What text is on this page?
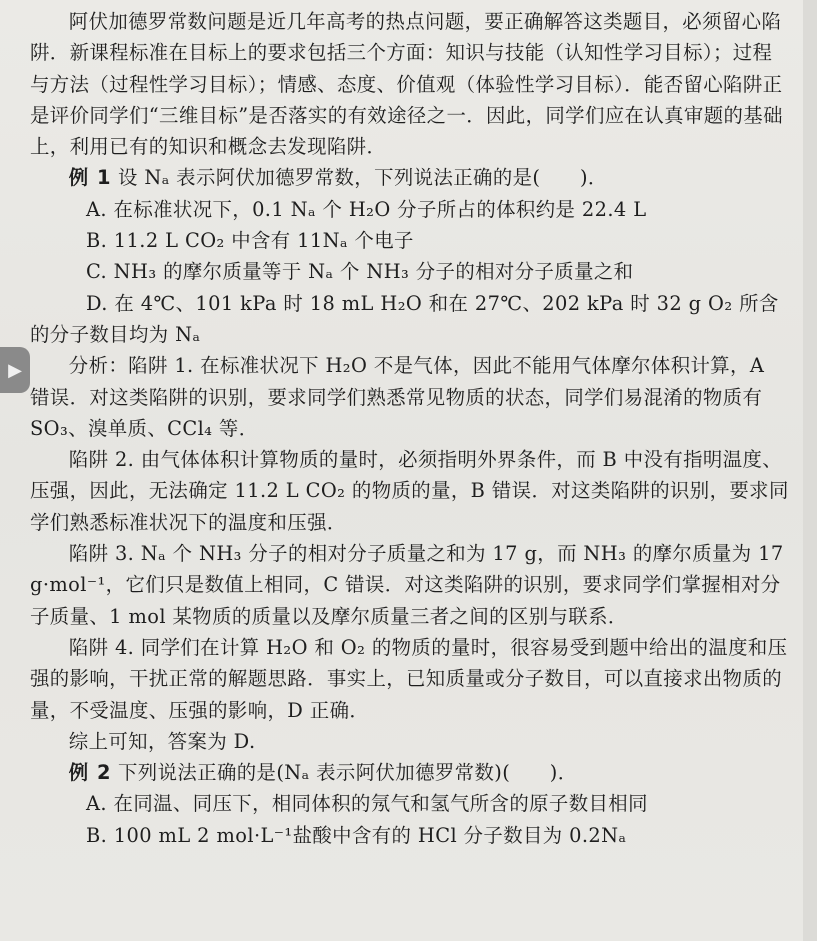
▶

阿伏加德罗常数问题是近几年高考的热点问题，要正确解答这类题目，必须留心陷阱．新课程标准在目标上的要求包括三个方面：知识与技能（认知性学习目标）；过程与方法（过程性学习目标）；情感、态度、价值观（体验性学习目标）．能否留心陷阱正是评价同学们“三维目标”是否落实的有效途径之一．因此，同学们应在认真审题的基础上，利用已有的知识和概念去发现陷阱．

例 1 设 Nₐ 表示阿伏加德罗常数，下列说法正确的是(　　)．

A. 在标准状况下，0.1 Nₐ 个 H₂O 分子所占的体积约是 22.4 L

B. 11.2 L CO₂ 中含有 11Nₐ 个电子

C. NH₃ 的摩尔质量等于 Nₐ 个 NH₃ 分子的相对分子质量之和

D. 在 4℃、101 kPa 时 18 mL H₂O 和在 27℃、202 kPa 时 32 g O₂ 所含

的分子数目均为 Nₐ

分析：陷阱 1. 在标准状况下 H₂O 不是气体，因此不能用气体摩尔体积计算，A 错误．对这类陷阱的识别，要求同学们熟悉常见物质的状态，同学们易混淆的物质有 SO₃、溴单质、CCl₄ 等．

陷阱 2. 由气体体积计算物质的量时，必须指明外界条件，而 B 中没有指明温度、压强，因此，无法确定 11.2 L CO₂ 的物质的量，B 错误．对这类陷阱的识别，要求同学们熟悉标准状况下的温度和压强．

陷阱 3. Nₐ 个 NH₃ 分子的相对分子质量之和为 17 g，而 NH₃ 的摩尔质量为 17 g·mol⁻¹，它们只是数值上相同，C 错误．对这类陷阱的识别，要求同学们掌握相对分子质量、1 mol 某物质的质量以及摩尔质量三者之间的区别与联系．

陷阱 4. 同学们在计算 H₂O 和 O₂ 的物质的量时，很容易受到题中给出的温度和压强的影响，干扰正常的解题思路．事实上，已知质量或分子数目，可以直接求出物质的量，不受温度、压强的影响，D 正确．

综上可知，答案为 D.

例 2 下列说法正确的是(Nₐ 表示阿伏加德罗常数)(　　)．

A. 在同温、同压下，相同体积的氖气和氢气所含的原子数目相同

B. 100 mL 2 mol·L⁻¹盐酸中含有的 HCl 分子数目为 0.2Nₐ
